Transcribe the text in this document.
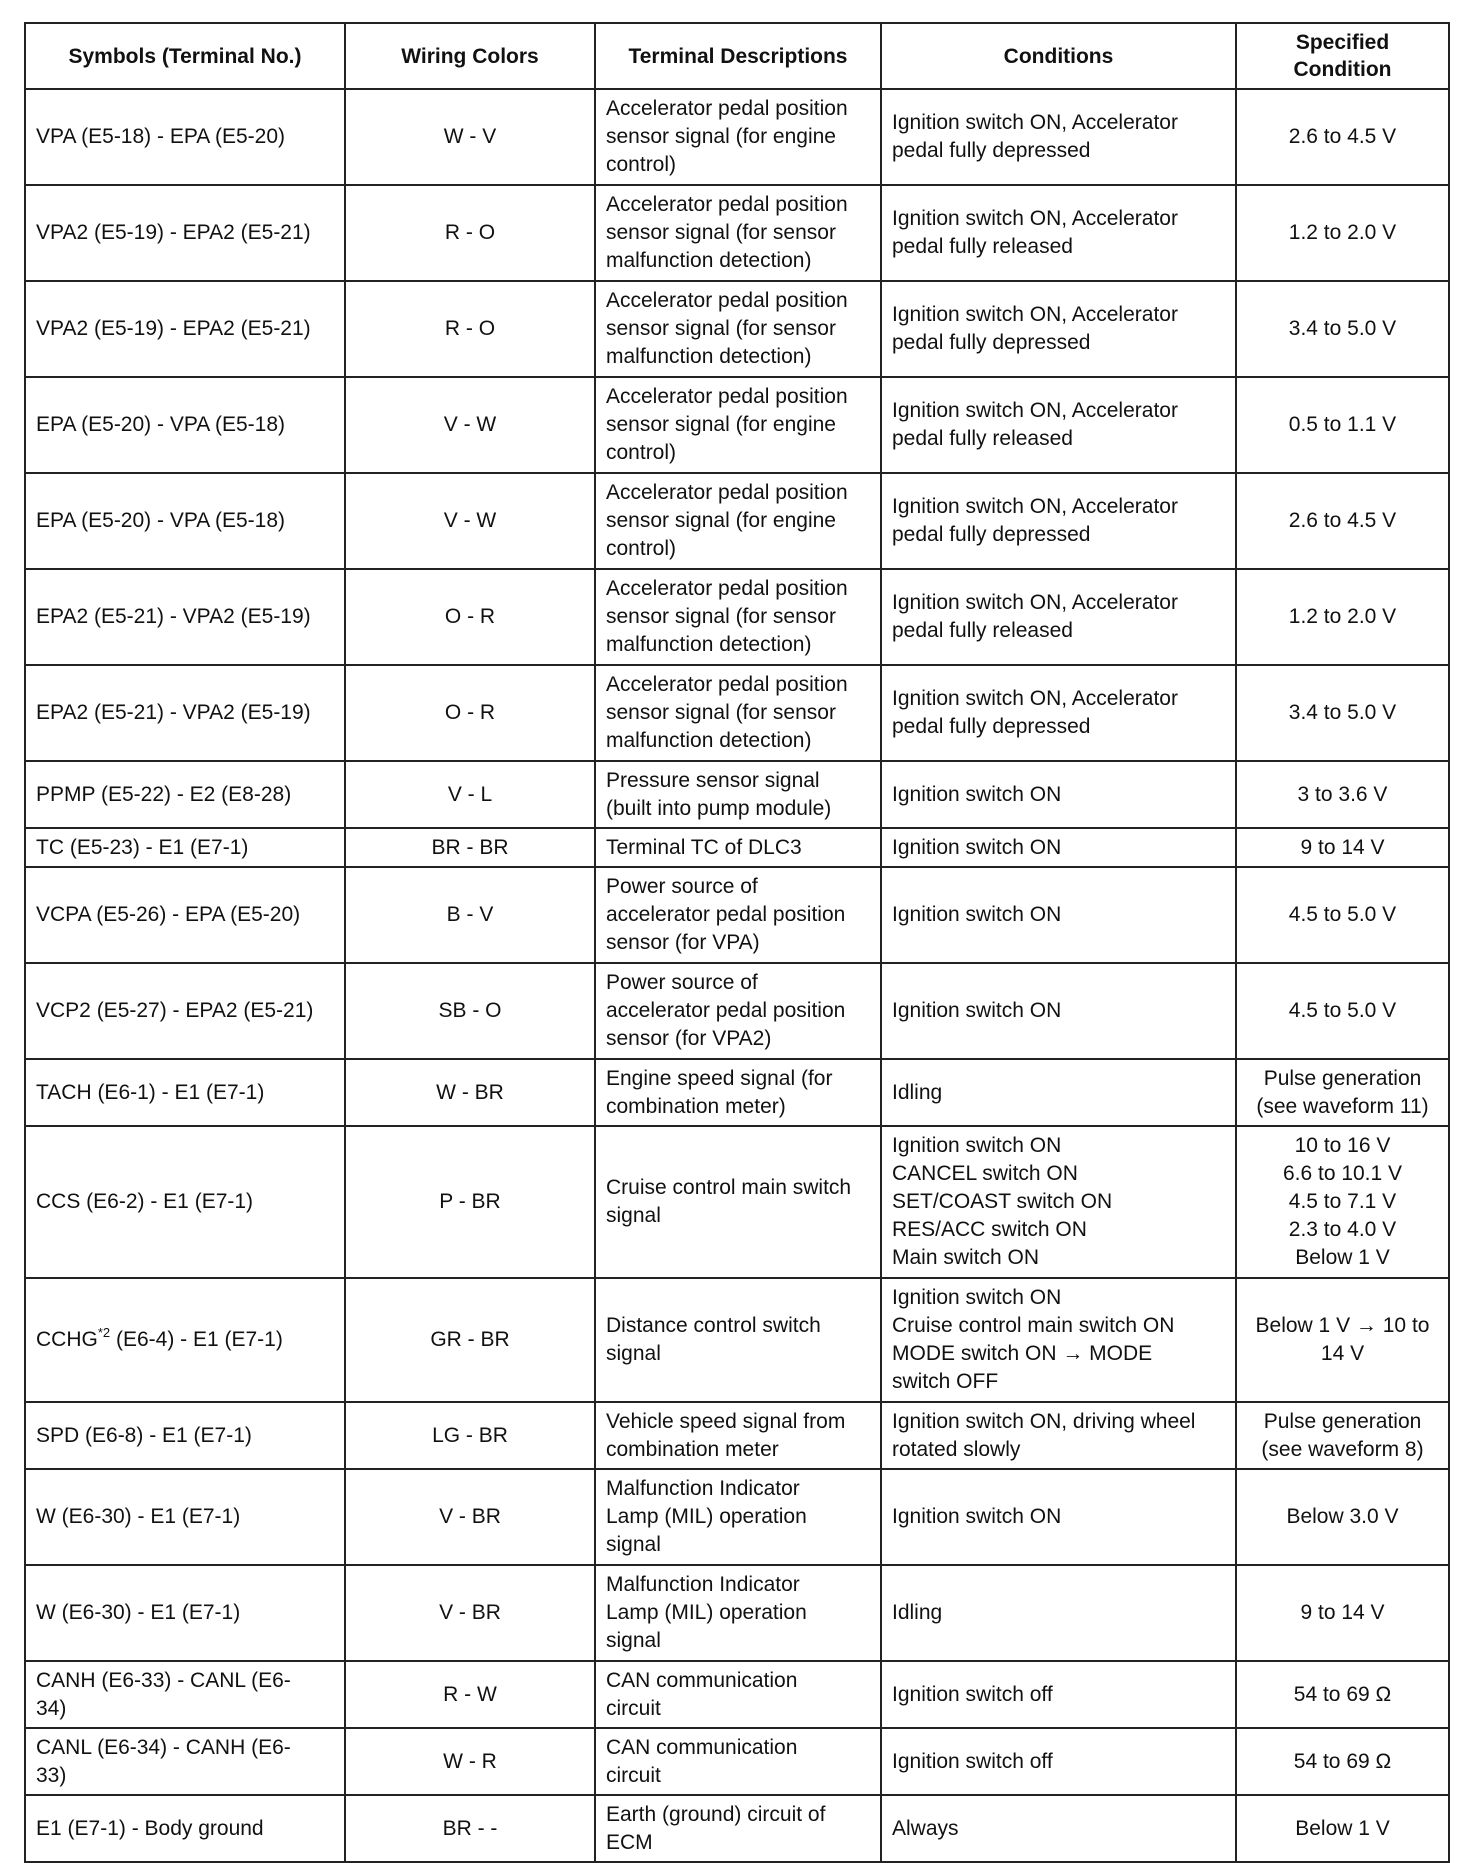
Symbols (Terminal No.)	Wiring Colors	Terminal Descriptions	Conditions	Specified
Condition
VPA (E5-18) - EPA (E5-20)	W - V	Accelerator pedal position
sensor signal (for engine
control)	Ignition switch ON, Accelerator
pedal fully depressed	2.6 to 4.5 V
VPA2 (E5-19) - EPA2 (E5-21)	R - O	Accelerator pedal position
sensor signal (for sensor
malfunction detection)	Ignition switch ON, Accelerator
pedal fully released	1.2 to 2.0 V
VPA2 (E5-19) - EPA2 (E5-21)	R - O	Accelerator pedal position
sensor signal (for sensor
malfunction detection)	Ignition switch ON, Accelerator
pedal fully depressed	3.4 to 5.0 V
EPA (E5-20) - VPA (E5-18)	V - W	Accelerator pedal position
sensor signal (for engine
control)	Ignition switch ON, Accelerator
pedal fully released	0.5 to 1.1 V
EPA (E5-20) - VPA (E5-18)	V - W	Accelerator pedal position
sensor signal (for engine
control)	Ignition switch ON, Accelerator
pedal fully depressed	2.6 to 4.5 V
EPA2 (E5-21) - VPA2 (E5-19)	O - R	Accelerator pedal position
sensor signal (for sensor
malfunction detection)	Ignition switch ON, Accelerator
pedal fully released	1.2 to 2.0 V
EPA2 (E5-21) - VPA2 (E5-19)	O - R	Accelerator pedal position
sensor signal (for sensor
malfunction detection)	Ignition switch ON, Accelerator
pedal fully depressed	3.4 to 5.0 V
PPMP (E5-22) - E2 (E8-28)	V - L	Pressure sensor signal
(built into pump module)	Ignition switch ON	3 to 3.6 V
TC (E5-23) - E1 (E7-1)	BR - BR	Terminal TC of DLC3	Ignition switch ON	9 to 14 V
VCPA (E5-26) - EPA (E5-20)	B - V	Power source of
accelerator pedal position
sensor (for VPA)	Ignition switch ON	4.5 to 5.0 V
VCP2 (E5-27) - EPA2 (E5-21)	SB - O	Power source of
accelerator pedal position
sensor (for VPA2)	Ignition switch ON	4.5 to 5.0 V
TACH (E6-1) - E1 (E7-1)	W - BR	Engine speed signal (for
combination meter)	Idling	Pulse generation
(see waveform 11)
CCS (E6-2) - E1 (E7-1)	P - BR	Cruise control main switch
signal	Ignition switch ON
CANCEL switch ON
SET/COAST switch ON
RES/ACC switch ON
Main switch ON	10 to 16 V
6.6 to 10.1 V
4.5 to 7.1 V
2.3 to 4.0 V
Below 1 V
CCHG$^{*2}$ (E6-4) - E1 (E7-1)	GR - BR	Distance control switch
signal	Ignition switch ON
Cruise control main switch ON
MODE switch ON → MODE
switch OFF	Below 1 V → 10 to
14 V
SPD (E6-8) - E1 (E7-1)	LG - BR	Vehicle speed signal from
combination meter	Ignition switch ON, driving wheel
rotated slowly	Pulse generation
(see waveform 8)
W (E6-30) - E1 (E7-1)	V - BR	Malfunction Indicator
Lamp (MIL) operation
signal	Ignition switch ON	Below 3.0 V
W (E6-30) - E1 (E7-1)	V - BR	Malfunction Indicator
Lamp (MIL) operation
signal	Idling	9 to 14 V
CANH (E6-33) - CANL (E6-
34)	R - W	CAN communication
circuit	Ignition switch off	54 to 69 Ω
CANL (E6-34) - CANH (E6-
33)	W - R	CAN communication
circuit	Ignition switch off	54 to 69 Ω
E1 (E7-1) - Body ground	BR - -	Earth (ground) circuit of
ECM	Always	Below 1 V
